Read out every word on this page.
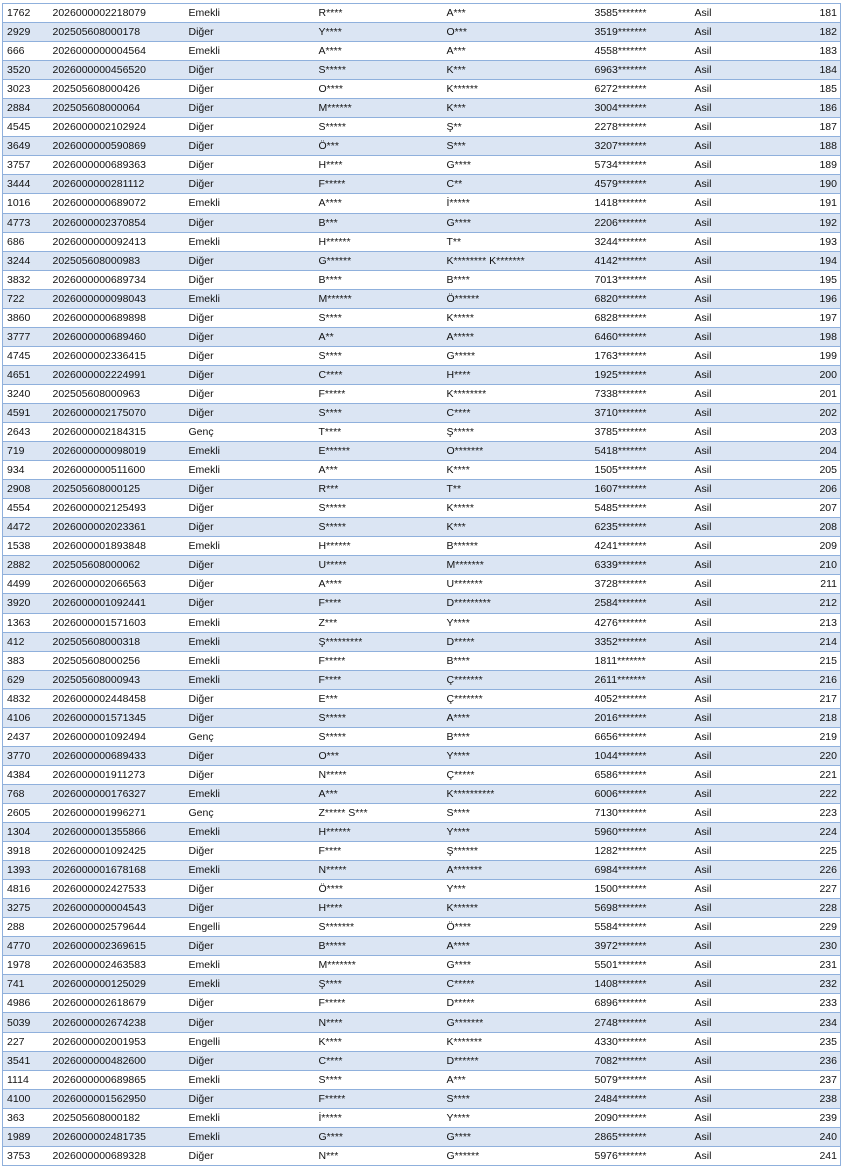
1762	2026000002218079	Emekli	R****	A***	3585*******	Asil	181
2929	202505608000178	Diğer	Y****	O***	3519*******	Asil	182
666	2026000000004564	Emekli	A****	A***	4558*******	Asil	183
3520	2026000000456520	Diğer	S*****	K***	6963*******	Asil	184
3023	202505608000426	Diğer	O****	K******	6272*******	Asil	185
2884	202505608000064	Diğer	M******	K***	3004*******	Asil	186
4545	2026000002102924	Diğer	S*****	Ş**	2278*******	Asil	187
3649	2026000000590869	Diğer	Ö***	S***	3207*******	Asil	188
3757	2026000000689363	Diğer	H****	G****	5734*******	Asil	189
3444	2026000000281112	Diğer	F*****	C**	4579*******	Asil	190
1016	2026000000689072	Emekli	A****	İ*****	1418*******	Asil	191
4773	2026000002370854	Diğer	B***	G****	2206*******	Asil	192
686	2026000000092413	Emekli	H******	T**	3244*******	Asil	193
3244	202505608000983	Diğer	G******	K******** K*******	4142*******	Asil	194
3832	2026000000689734	Diğer	B****	B****	7013*******	Asil	195
722	2026000000098043	Emekli	M******	Ö******	6820*******	Asil	196
3860	2026000000689898	Diğer	S****	K*****	6828*******	Asil	197
3777	2026000000689460	Diğer	A**	A*****	6460*******	Asil	198
4745	2026000002336415	Diğer	S****	G*****	1763*******	Asil	199
4651	2026000002224991	Diğer	C****	H****	1925*******	Asil	200
3240	202505608000963	Diğer	F*****	K********	7338*******	Asil	201
4591	2026000002175070	Diğer	S****	C****	3710*******	Asil	202
2643	2026000002184315	Genç	T****	Ş*****	3785*******	Asil	203
719	2026000000098019	Emekli	E******	O*******	5418*******	Asil	204
934	2026000000511600	Emekli	A***	K****	1505*******	Asil	205
2908	202505608000125	Diğer	R***	T**	1607*******	Asil	206
4554	2026000002125493	Diğer	S*****	K*****	5485*******	Asil	207
4472	2026000002023361	Diğer	S*****	K***	6235*******	Asil	208
1538	2026000001893848	Emekli	H******	B******	4241*******	Asil	209
2882	202505608000062	Diğer	U*****	M*******	6339*******	Asil	210
4499	2026000002066563	Diğer	A****	U*******	3728*******	Asil	211
3920	2026000001092441	Diğer	F****	D*********	2584*******	Asil	212
1363	2026000001571603	Emekli	Z***	Y****	4276*******	Asil	213
412	202505608000318	Emekli	Ş*********	D*****	3352*******	Asil	214
383	202505608000256	Emekli	F*****	B****	1811*******	Asil	215
629	202505608000943	Emekli	F****	Ç*******	2611*******	Asil	216
4832	2026000002448458	Diğer	E***	Ç*******	4052*******	Asil	217
4106	2026000001571345	Diğer	S*****	A****	2016*******	Asil	218
2437	2026000001092494	Genç	S*****	B****	6656*******	Asil	219
3770	2026000000689433	Diğer	O***	Y****	1044*******	Asil	220
4384	2026000001911273	Diğer	N*****	Ç*****	6586*******	Asil	221
768	2026000000176327	Emekli	A***	K**********	6006*******	Asil	222
2605	2026000001996271	Genç	Z***** S***	S****	7130*******	Asil	223
1304	2026000001355866	Emekli	H******	Y****	5960*******	Asil	224
3918	2026000001092425	Diğer	F****	Ş******	1282*******	Asil	225
1393	2026000001678168	Emekli	N*****	A*******	6984*******	Asil	226
4816	2026000002427533	Diğer	Ö****	Y***	1500*******	Asil	227
3275	2026000000004543	Diğer	H****	K******	5698*******	Asil	228
288	2026000002579644	Engelli	S*******	Ö****	5584*******	Asil	229
4770	2026000002369615	Diğer	B*****	A****	3972*******	Asil	230
1978	2026000002463583	Emekli	M*******	G****	5501*******	Asil	231
741	2026000000125029	Emekli	Ş****	C*****	1408*******	Asil	232
4986	2026000002618679	Diğer	F*****	D*****	6896*******	Asil	233
5039	2026000002674238	Diğer	N****	G*******	2748*******	Asil	234
227	2026000002001953	Engelli	K****	K*******	4330*******	Asil	235
3541	2026000000482600	Diğer	C****	D******	7082*******	Asil	236
1114	2026000000689865	Emekli	S****	A***	5079*******	Asil	237
4100	2026000001562950	Diğer	F*****	S****	2484*******	Asil	238
363	202505608000182	Emekli	İ*****	Y****	2090*******	Asil	239
1989	2026000002481735	Emekli	G****	G****	2865*******	Asil	240
3753	2026000000689328	Diğer	N***	G******	5976*******	Asil	241
